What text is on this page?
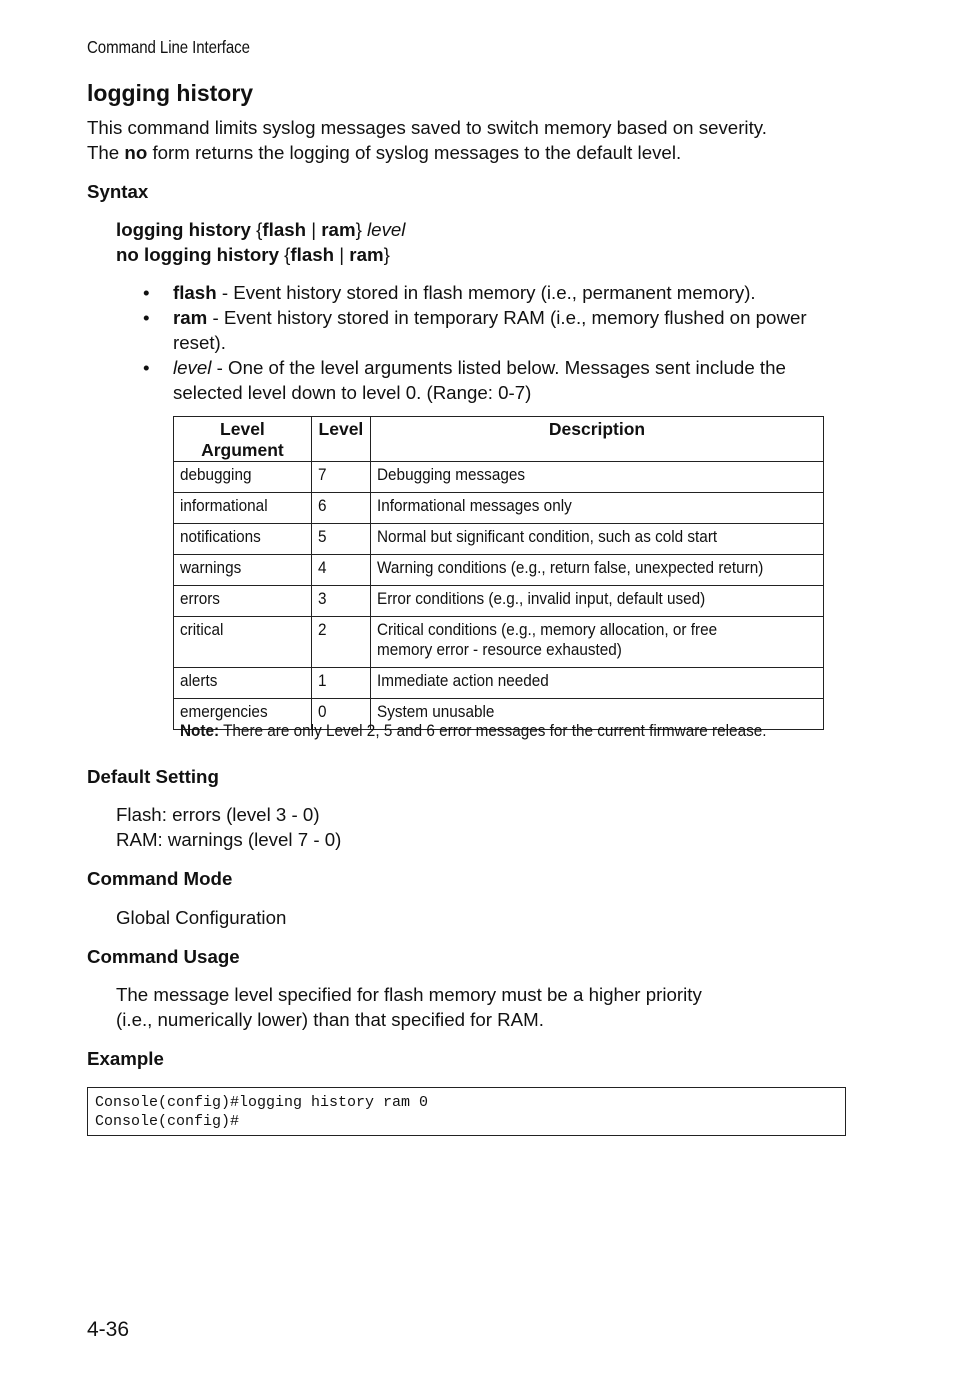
Command Line Interface
logging history
This command limits syslog messages saved to switch memory based on severity.
The no form returns the logging of syslog messages to the default level.
Syntax
logging history {flash | ram} level
no logging history {flash | ram}
•	flash - Event history stored in flash memory (i.e., permanent memory).
•	ram - Event history stored in temporary RAM (i.e., memory flushed on power reset).
•	level - One of the level arguments listed below. Messages sent include the selected level down to level 0. (Range: 0-7)
Level Argument	Level	Description
debugging	7	Debugging messages
informational	6	Informational messages only
notifications	5	Normal but significant condition, such as cold start
warnings	4	Warning conditions (e.g., return false, unexpected return)
errors	3	Error conditions (e.g., invalid input, default used)
critical	2	Critical conditions (e.g., memory allocation, or free memory error - resource exhausted)
alerts	1	Immediate action needed
emergencies	0	System unusable
Note: There are only Level 2, 5 and 6 error messages for the current firmware release.
Default Setting
Flash: errors (level 3 - 0)
RAM: warnings (level 7 - 0)
Command Mode
Global Configuration
Command Usage
The message level specified for flash memory must be a higher priority
(i.e., numerically lower) than that specified for RAM.
Example
Console(config)#logging history ram 0
Console(config)#
4-36
